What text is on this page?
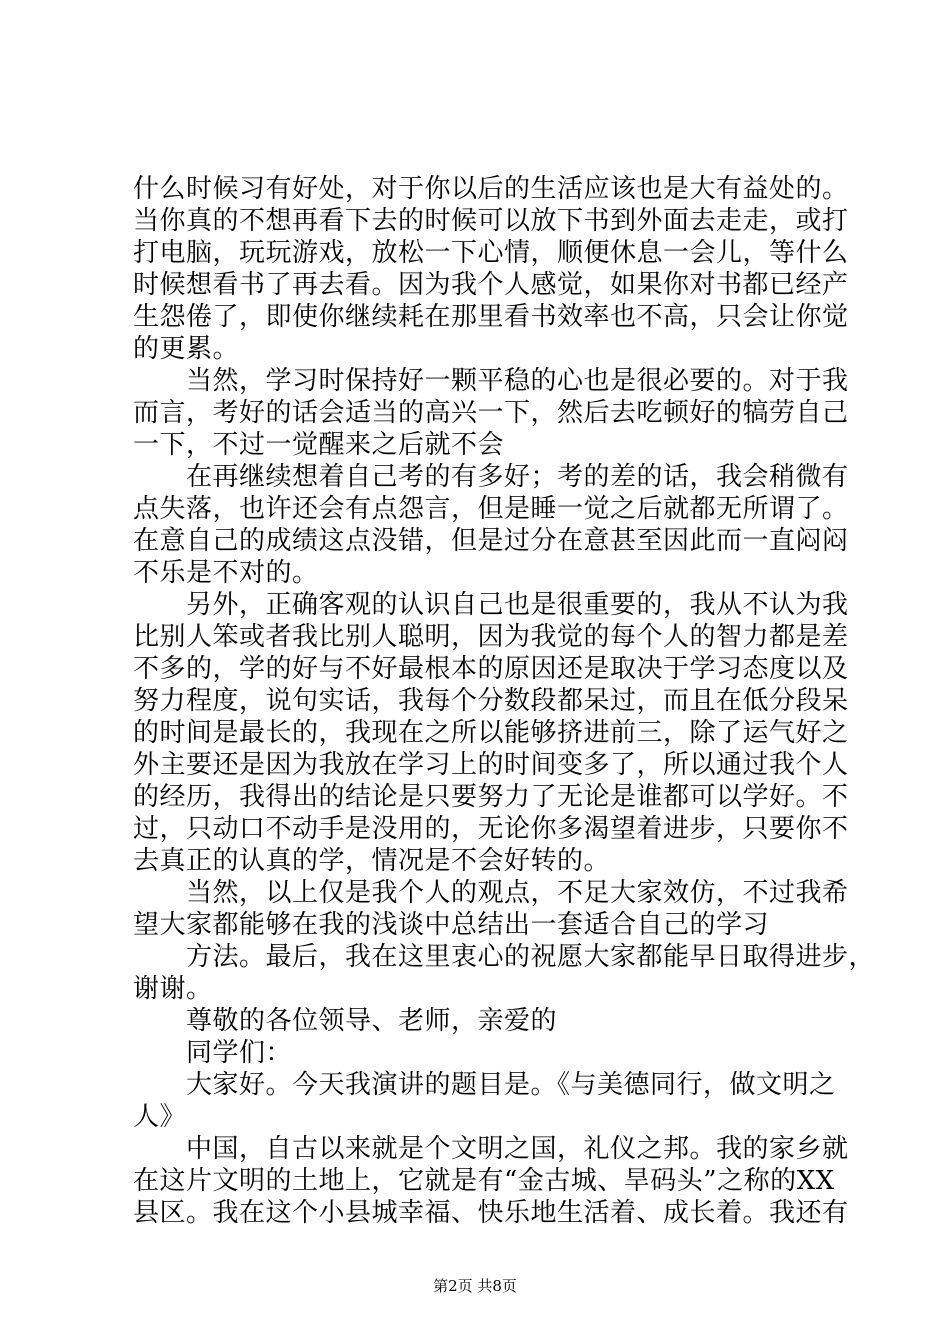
什么时候习有好处，对于你以后的生活应该也是大有益处的。
当你真的不想再看下去的时候可以放下书到外面去走走，或打
打电脑，玩玩游戏，放松一下心情，顺便休息一会儿，等什么
时候想看书了再去看。因为我个人感觉，如果你对书都已经产
生怨倦了，即使你继续耗在那里看书效率也不高，只会让你觉
的更累。
　　当然，学习时保持好一颗平稳的心也是很必要的。对于我
而言，考好的话会适当的高兴一下，然后去吃顿好的犒劳自己
一下，不过一觉醒来之后就不会
　　在再继续想着自己考的有多好；考的差的话，我会稍微有
点失落，也许还会有点怨言，但是睡一觉之后就都无所谓了。
在意自己的成绩这点没错，但是过分在意甚至因此而一直闷闷
不乐是不对的。
　　另外，正确客观的认识自己也是很重要的，我从不认为我
比别人笨或者我比别人聪明，因为我觉的每个人的智力都是差
不多的，学的好与不好最根本的原因还是取决于学习态度以及
努力程度，说句实话，我每个分数段都呆过，而且在低分段呆
的时间是最长的，我现在之所以能够挤进前三，除了运气好之
外主要还是因为我放在学习上的时间变多了，所以通过我个人
的经历，我得出的结论是只要努力了无论是谁都可以学好。不
过，只动口不动手是没用的，无论你多渴望着进步，只要你不
去真正的认真的学，情况是不会好转的。
　　当然，以上仅是我个人的观点，不足大家效仿，不过我希
望大家都能够在我的浅谈中总结出一套适合自己的学习
　　方法。最后，我在这里衷心的祝愿大家都能早日取得进步，
谢谢。
　　尊敬的各位领导、老师，亲爱的
　　同学们：
　　大家好。今天我演讲的题目是。《与美德同行，做文明之
人》
　　中国，自古以来就是个文明之国，礼仪之邦。我的家乡就
在这片文明的土地上，它就是有“金古城、旱码头”之称的XX
县区。我在这个小县城幸福、快乐地生活着、成长着。我还有
第2页 共8页
